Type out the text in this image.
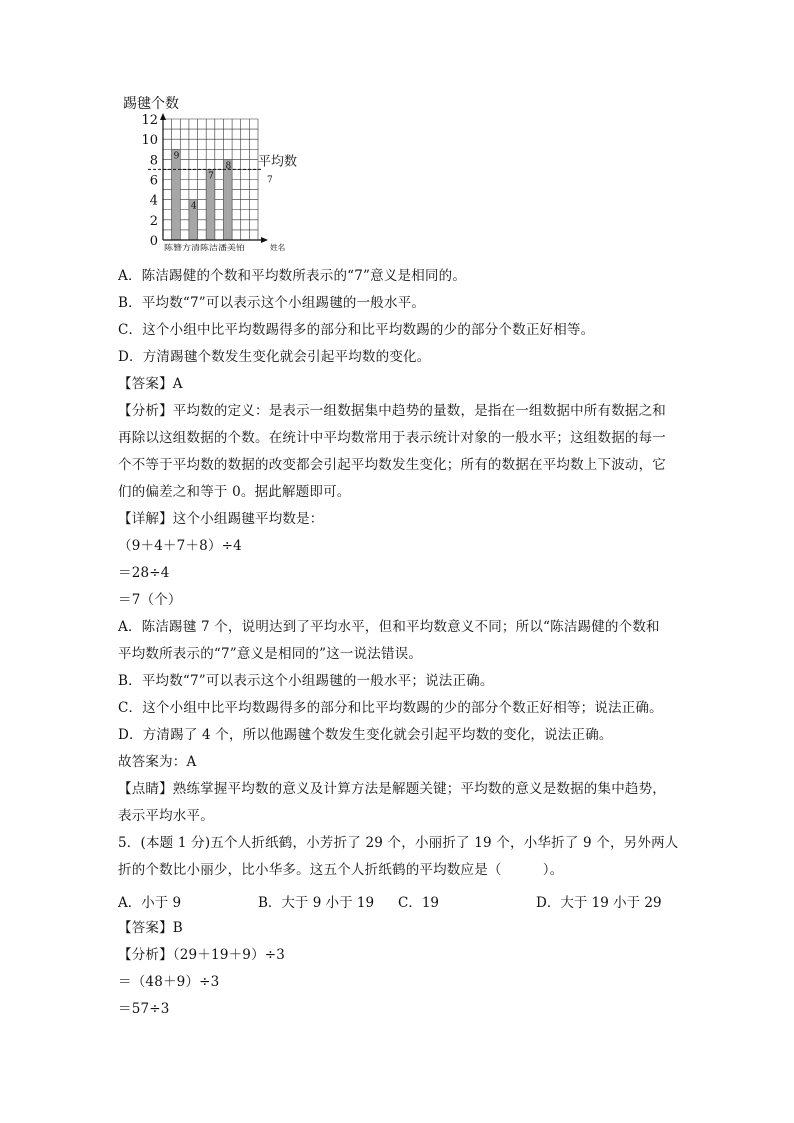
9
4
7
8 平均数
7
0
2
4
6
8
10
12
踢毽个数
陈簪方清陈洁潘美铂	姓名
A．陈洁踢健的个数和平均数所表示的“7”意义是相同的。
B．平均数“7”可以表示这个小组踢毽的一般水平。
C．这个小组中比平均数踢得多的部分和比平均数踢的少的部分个数正好相等。
D．方清踢毽个数发生变化就会引起平均数的变化。
【答案】A
【分析】平均数的定义：是表示一组数据集中趋势的量数，是指在一组数据中所有数据之和
再除以这组数据的个数。在统计中平均数常用于表示统计对象的一般水平；这组数据的每一
个不等于平均数的数据的改变都会引起平均数发生变化；所有的数据在平均数上下波动，它
们的偏差之和等于 0。据此解题即可。
【详解】这个小组踢毽平均数是：
（9＋4＋7＋8）÷4
＝28÷4
＝7（个）
A．陈洁踢毽 7 个，说明达到了平均水平，但和平均数意义不同；所以“陈洁踢健的个数和
平均数所表示的“7”意义是相同的”这一说法错误。
B．平均数“7”可以表示这个小组踢毽的一般水平；说法正确。
C．这个小组中比平均数踢得多的部分和比平均数踢的少的部分个数正好相等；说法正确。
D．方清踢了 4 个，所以他踢毽个数发生变化就会引起平均数的变化，说法正确。
故答案为：A
【点睛】熟练掌握平均数的意义及计算方法是解题关键；平均数的意义是数据的集中趋势，
表示平均水平。
5．(本题 1 分)五个人折纸鹤，小芳折了 29 个，小丽折了 19 个，小华折了 9 个，另外两人
折的个数比小丽少，比小华多。这五个人折纸鹤的平均数应是（　　　）。
A．小于 9	B．大于 9 小于 19 C．19	D．大于 19 小于 29
【答案】B
【分析】（29＋19＋9）÷3
＝（48＋9）÷3
＝57÷3
